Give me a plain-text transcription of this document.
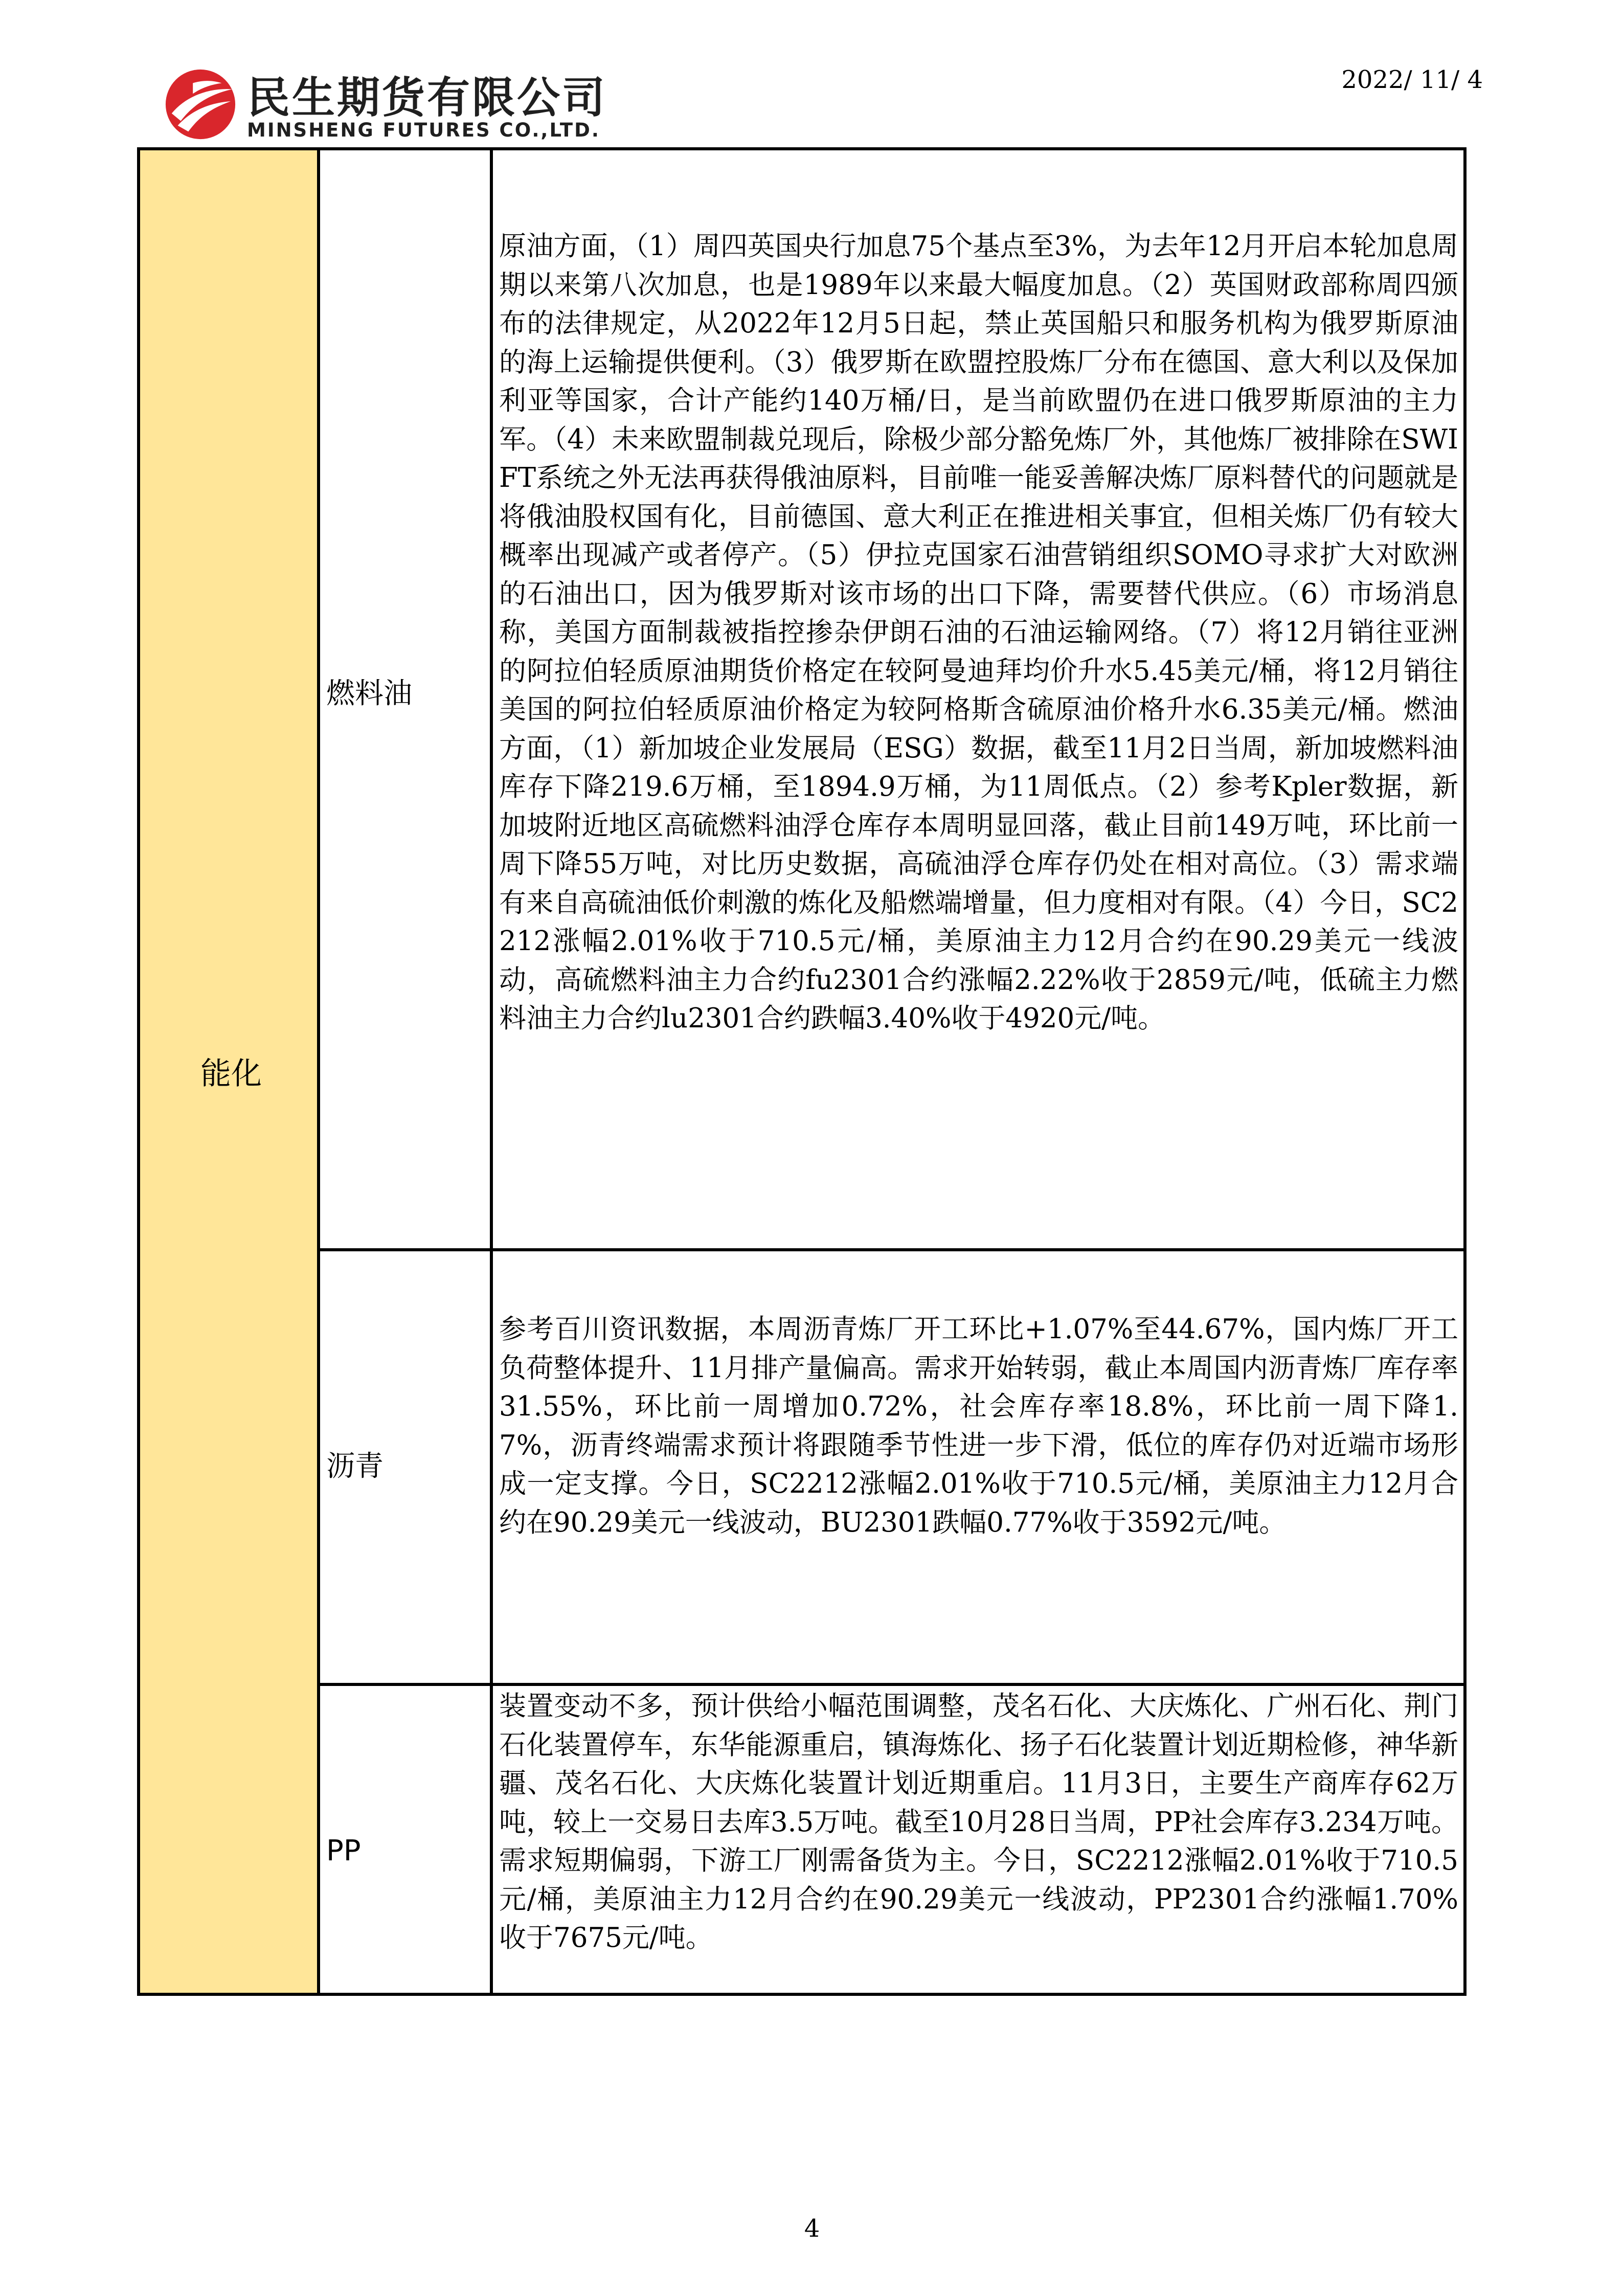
民生期货有限公司
MINSHENG FUTURES CO.,LTD.
2022/ 11/ 4
能化
燃料油
原油方面，（1）周四英国央行加息75个基点至3%，为去年12月开启本轮加息周期以来第八次加息，也是1989年以来最大幅度加息。（2）英国财政部称周四颁布的法律规定，从2022年12月5日起，禁止英国船只和服务机构为俄罗斯原油的海上运输提供便利。（3）俄罗斯在欧盟控股炼厂分布在德国、意大利以及保加利亚等国家，合计产能约140万桶/日，是当前欧盟仍在进口俄罗斯原油的主力军。（4）未来欧盟制裁兑现后，除极少部分豁免炼厂外，其他炼厂被排除在SWIFT系统之外无法再获得俄油原料，目前唯一能妥善解决炼厂原料替代的问题就是将俄油股权国有化，目前德国、意大利正在推进相关事宜，但相关炼厂仍有较大概率出现减产或者停产。（5）伊拉克国家石油营销组织SOMO寻求扩大对欧洲的石油出口，因为俄罗斯对该市场的出口下降，需要替代供应。（6）市场消息称，美国方面制裁被指控掺杂伊朗石油的石油运输网络。（7）将12月销往亚洲的阿拉伯轻质原油期货价格定在较阿曼迪拜均价升水5.45美元/桶，将12月销往美国的阿拉伯轻质原油价格定为较阿格斯含硫原油价格升水6.35美元/桶。燃油方面，（1）新加坡企业发展局（ESG）数据，截至11月2日当周，新加坡燃料油库存下降219.6万桶，至1894.9万桶，为11周低点。（2）参考Kpler数据，新加坡附近地区高硫燃料油浮仓库存本周明显回落，截止目前149万吨，环比前一周下降55万吨，对比历史数据，高硫油浮仓库存仍处在相对高位。（3）需求端有来自高硫油低价刺激的炼化及船燃端增量，但力度相对有限。（4）今日，SC2212涨幅2.01%收于710.5元/桶，美原油主力12月合约在90.29美元一线波动，高硫燃料油主力合约fu2301合约涨幅2.22%收于2859元/吨，低硫主力燃料油主力合约lu2301合约跌幅3.40%收于4920元/吨。
沥青
参考百川资讯数据，本周沥青炼厂开工环比+1.07%至44.67%，国内炼厂开工负荷整体提升、11月排产量偏高。需求开始转弱，截止本周国内沥青炼厂库存率31.55%，环比前一周增加0.72%，社会库存率18.8%，环比前一周下降1.7%，沥青终端需求预计将跟随季节性进一步下滑，低位的库存仍对近端市场形成一定支撑。今日，SC2212涨幅2.01%收于710.5元/桶，美原油主力12月合约在90.29美元一线波动，BU2301跌幅0.77%收于3592元/吨。
PP
装置变动不多，预计供给小幅范围调整，茂名石化、大庆炼化、广州石化、荆门石化装置停车，东华能源重启，镇海炼化、扬子石化装置计划近期检修，神华新疆、茂名石化、大庆炼化装置计划近期重启。11月3日，主要生产商库存62万吨，较上一交易日去库3.5万吨。截至10月28日当周，PP社会库存3.234万吨。需求短期偏弱，下游工厂刚需备货为主。今日，SC2212涨幅2.01%收于710.5元/桶，美原油主力12月合约在90.29美元一线波动，PP2301合约涨幅1.70%收于7675元/吨。
4
